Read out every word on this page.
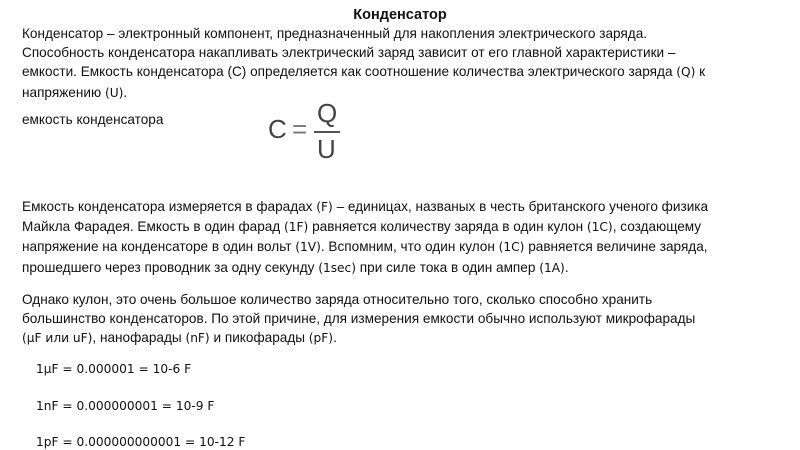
Конденсатор

Конденсатор – электронный компонент, предназначенный для накопления электрического заряда.
Способность конденсатора накапливать электрический заряд зависит от его главной характеристики –
емкости. Емкость конденсатора (C) определяется как соотношение количества электрического заряда (Q) к
напряжению (U).

емкость конденсатора	C =
Q
U

Емкость конденсатора измеряется в фарадах (F) – единицах, названых в честь британского ученого физика
Майкла Фарадея. Емкость в один фарад (1F) равняется количеству заряда в один кулон (1C), создающему
напряжение на конденсаторе в один вольт (1V). Вспомним, что один кулон (1C) равняется величине заряда,
прошедшего через проводник за одну секунду (1sec) при силе тока в один ампер (1A).

Однако кулон, это очень большое количество заряда относительно того, сколько способно хранить
большинство конденсаторов. По этой причине, для измерения емкости обычно используют микрофарады
(µF или uF), нанофарады (nF) и пикофарады (pF).

1µF = 0.000001 = 10-6 F
1nF = 0.000000001 = 10-9 F
1pF = 0.000000000001 = 10-12 F
